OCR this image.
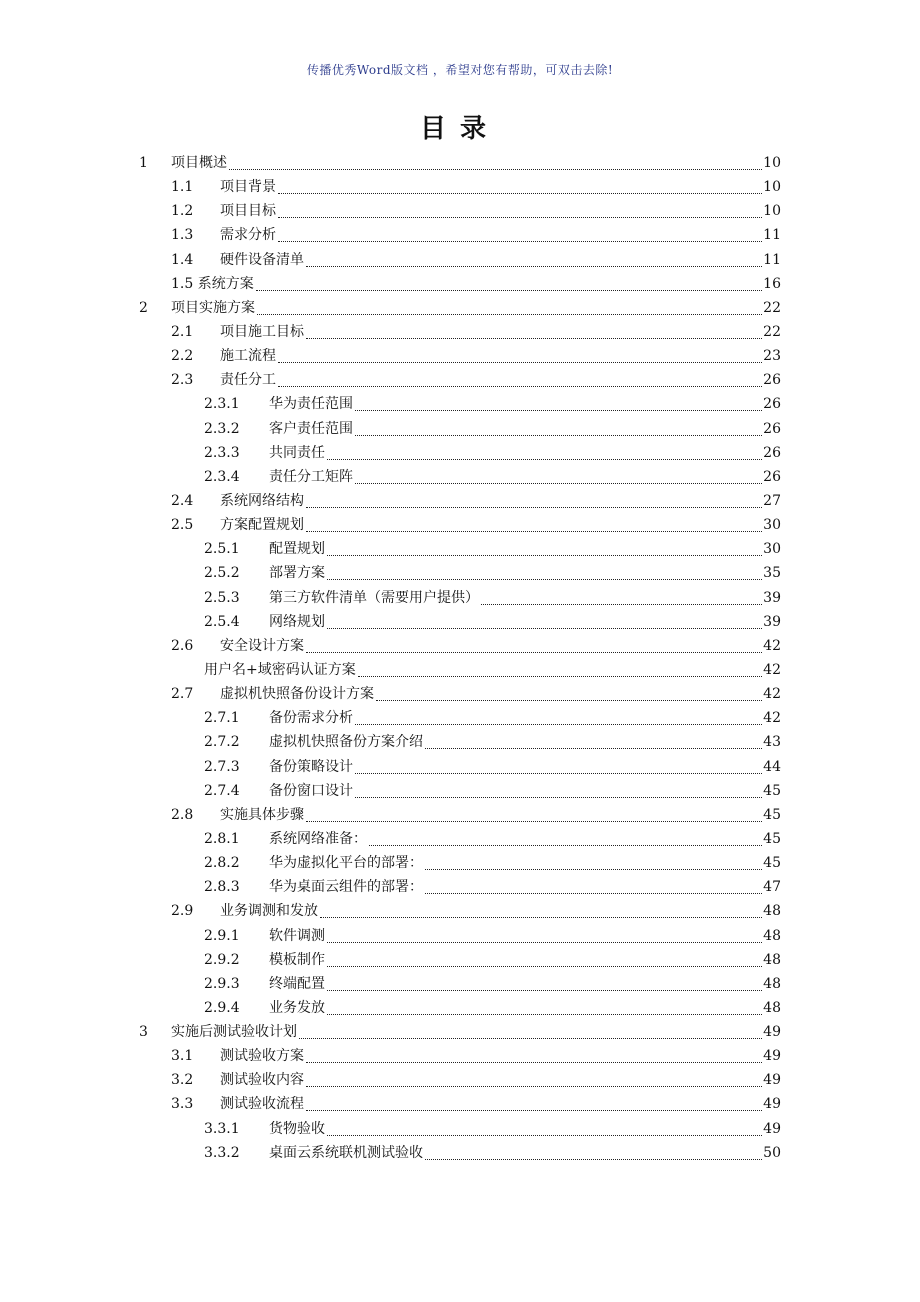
传播优秀Word版文档 ，希望对您有帮助，可双击去除!
目录
1 项目概述	10
1.1 项目背景	10
1.2 项目目标	10
1.3 需求分析	11
1.4 硬件设备清单	11
1.5 系统方案	16
2 项目实施方案	22
2.1 项目施工目标	22
2.2 施工流程	23
2.3 责任分工	26
2.3.1 华为责任范围	26
2.3.2 客户责任范围	26
2.3.3 共同责任	26
2.3.4 责任分工矩阵	26
2.4 系统网络结构	27
2.5 方案配置规划	30
2.5.1 配置规划	30
2.5.2 部署方案	35
2.5.3 第三方软件清单（需要用户提供）	39
2.5.4 网络规划	39
2.6 安全设计方案	42
用户名+域密码认证方案	42
2.7 虚拟机快照备份设计方案	42
2.7.1 备份需求分析	42
2.7.2 虚拟机快照备份方案介绍	43
2.7.3 备份策略设计	44
2.7.4 备份窗口设计	45
2.8 实施具体步骤	45
2.8.1 系统网络准备：	45
2.8.2 华为虚拟化平台的部署：	45
2.8.3 华为桌面云组件的部署：	47
2.9 业务调测和发放	48
2.9.1 软件调测	48
2.9.2 模板制作	48
2.9.3 终端配置	48
2.9.4 业务发放	48
3 实施后测试验收计划	49
3.1 测试验收方案	49
3.2 测试验收内容	49
3.3 测试验收流程	49
3.3.1 货物验收	49
3.3.2 桌面云系统联机测试验收	50
